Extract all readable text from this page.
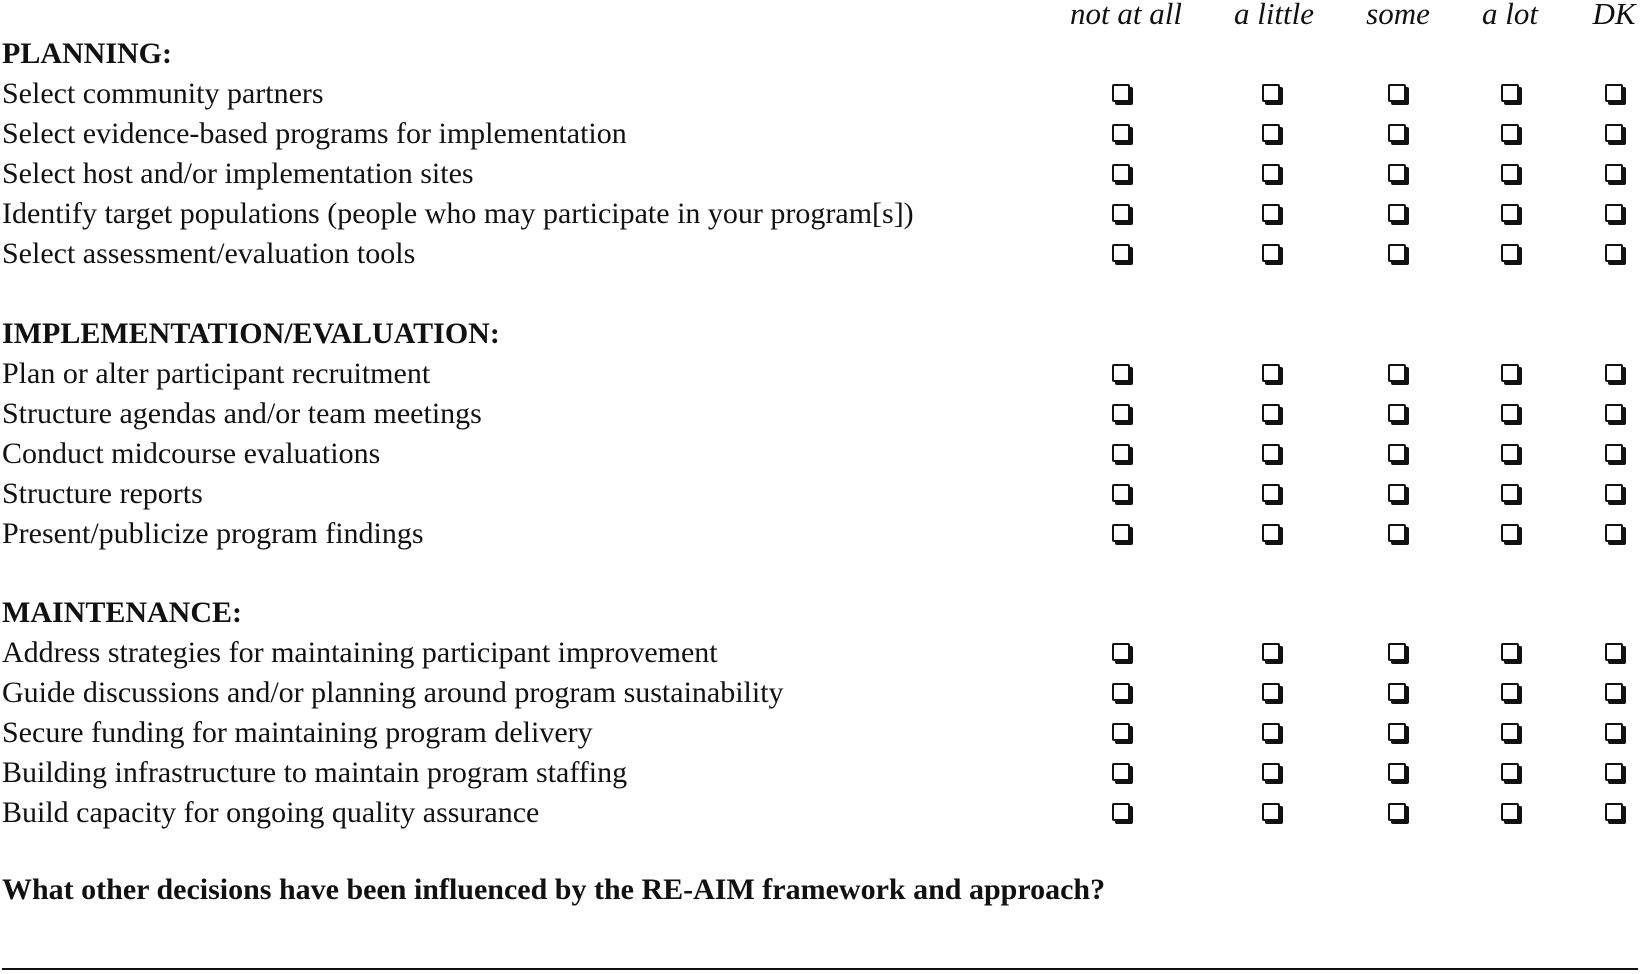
not at all a little some a lot DK
PLANNING:
IMPLEMENTATION/EVALUATION:
MAINTENANCE:
Select community partners
Select evidence-based programs for implementation
Select host and/or implementation sites
Identify target populations (people who may participate in your program[s])
Select assessment/evaluation tools
Plan or alter participant recruitment
Structure agendas and/or team meetings
Conduct midcourse evaluations
Structure reports
Present/publicize program findings
Address strategies for maintaining participant improvement
Guide discussions and/or planning around program sustainability
Secure funding for maintaining program delivery
Building infrastructure to maintain program staffing
Build capacity for ongoing quality assurance
What other decisions have been influenced by the RE-AIM framework and approach?
